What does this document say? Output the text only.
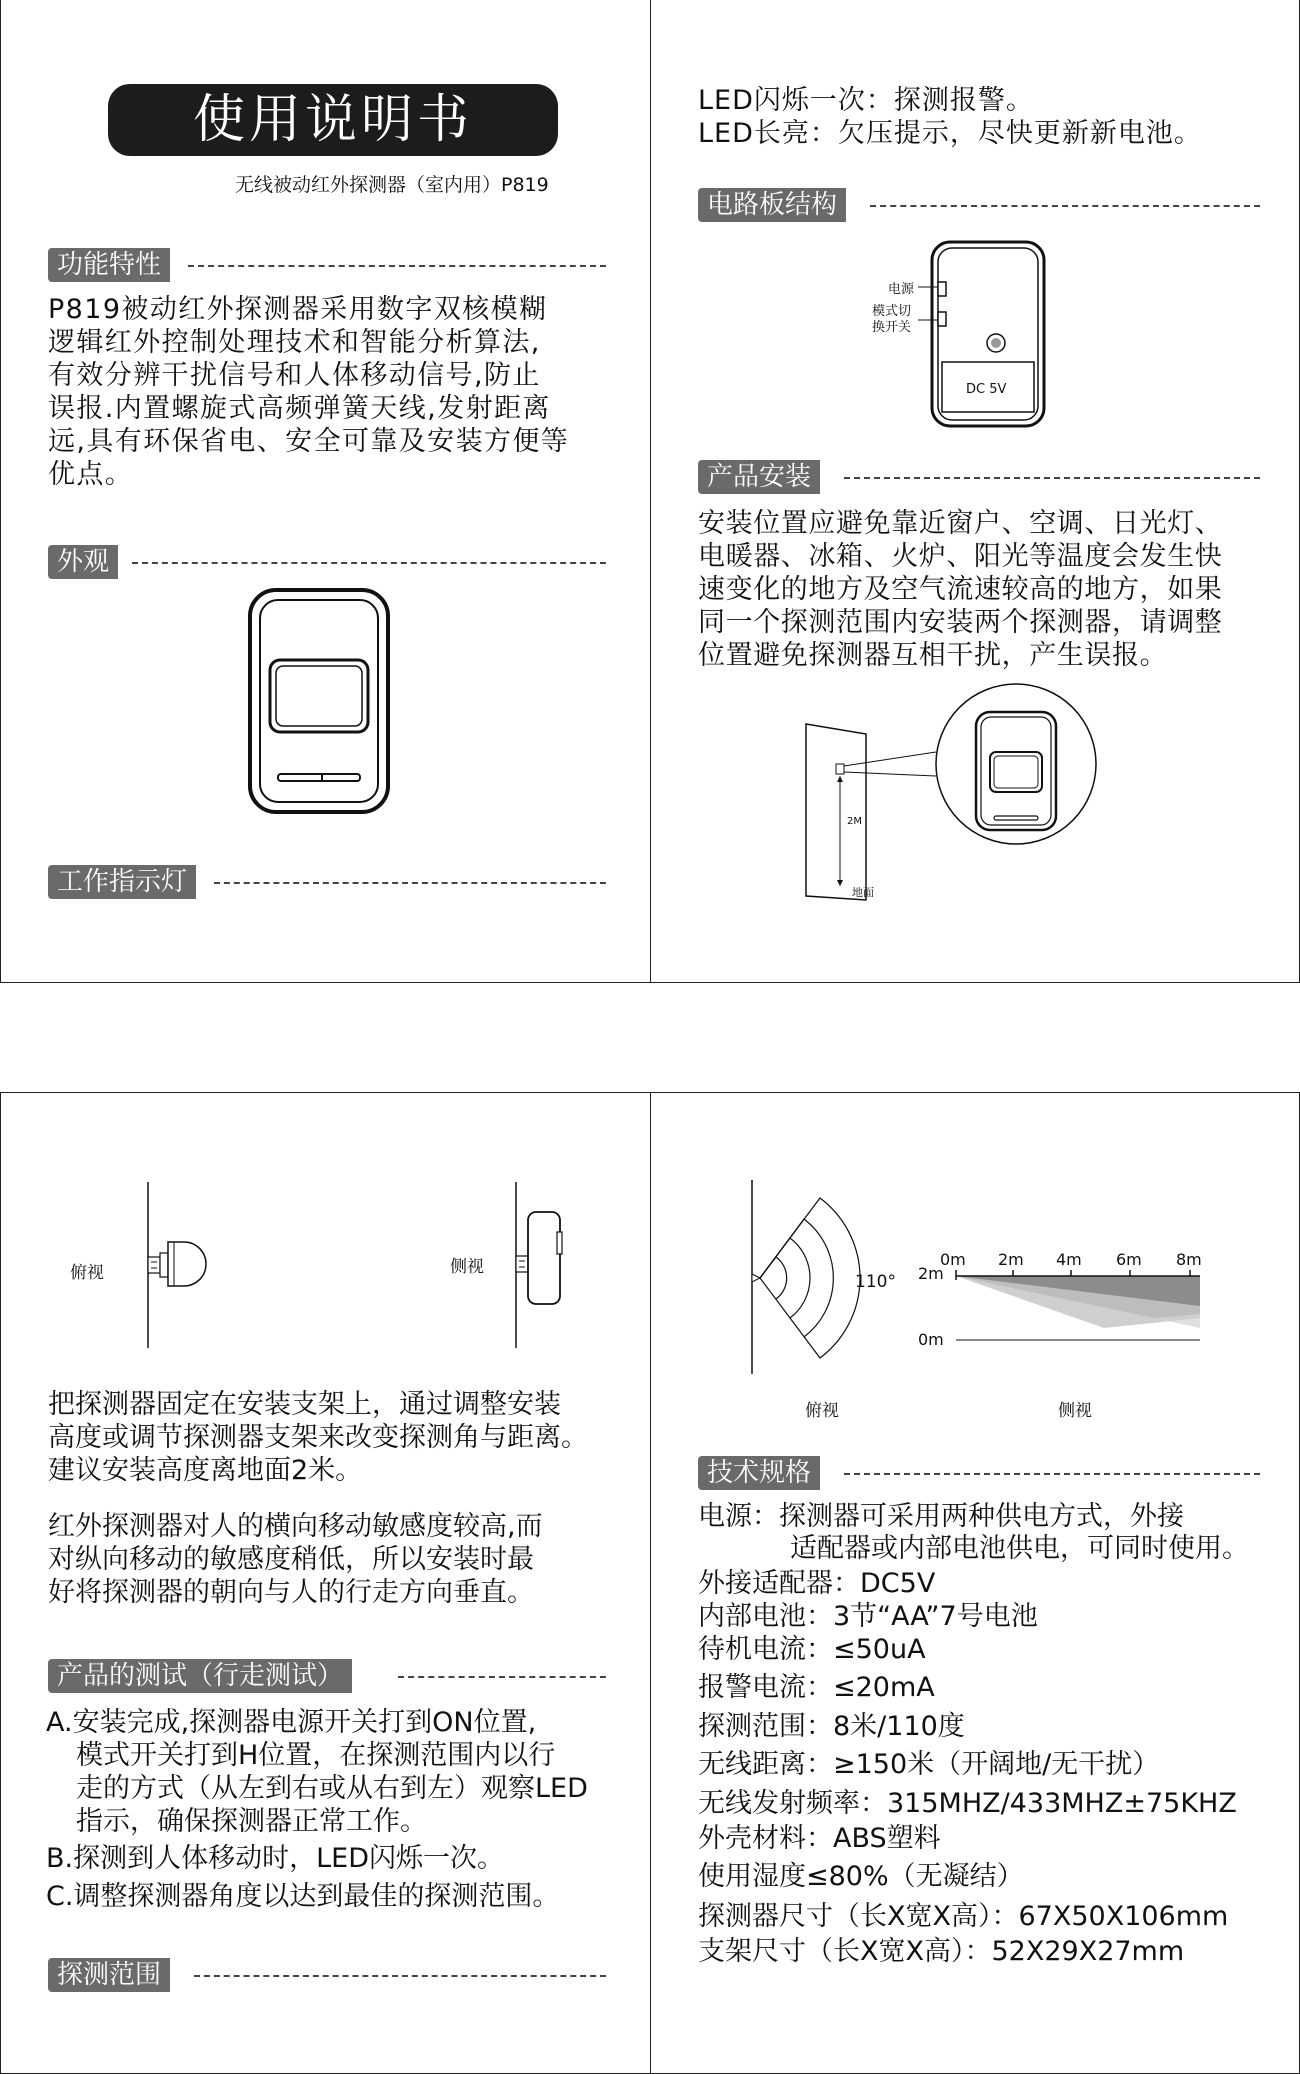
使用说明书
无线被动红外探测器（室内用）P819
功能特性
P819被动红外探测器采用数字双核模糊
逻辑红外控制处理技术和智能分析算法,
有效分辨干扰信号和人体移动信号,防止
误报.内置螺旋式高频弹簧天线,发射距离
远,具有环保省电、安全可靠及安装方便等
优点。
外观
工作指示灯
LED闪烁一次：探测报警。
LED长亮：欠压提示，尽快更新新电池。
电路板结构
电源
模式切
换开关
DC 5V
产品安装
安装位置应避免靠近窗户、空调、日光灯、
电暖器、冰箱、火炉、阳光等温度会发生快
速变化的地方及空气流速较高的地方，如果
同一个探测范围内安装两个探测器，请调整
位置避免探测器互相干扰，产生误报。
2M
地面
俯视	侧视
把探测器固定在安装支架上，通过调整安装
高度或调节探测器支架来改变探测角与距离。
建议安装高度离地面2米。
红外探测器对人的横向移动敏感度较高,而
对纵向移动的敏感度稍低，所以安装时最
好将探测器的朝向与人的行走方向垂直。
产品的测试（行走测试）
A.安装完成,探测器电源开关打到ON位置,
模式开关打到H位置，在探测范围内以行
走的方式（从左到右或从右到左）观察LED
指示，确保探测器正常工作。
B.探测到人体移动时，LED闪烁一次。
C.调整探测器角度以达到最佳的探测范围。
探测范围
110°
0m 2m 4m 6m 8m
2m
0m
俯视	侧视
技术规格
电源：探测器可采用两种供电方式，外接
适配器或内部电池供电，可同时使用。
外接适配器：DC5V
内部电池：3节“AA”7号电池
待机电流：≤50uA
报警电流：≤20mA
探测范围：8米/110度
无线距离：≥150米（开阔地/无干扰）
无线发射频率：315MHZ/433MHZ±75KHZ
外壳材料：ABS塑料
使用湿度≤80%（无凝结）
探测器尺寸（长X宽X高）：67X50X106mm
支架尺寸（长X宽X高）：52X29X27mm
